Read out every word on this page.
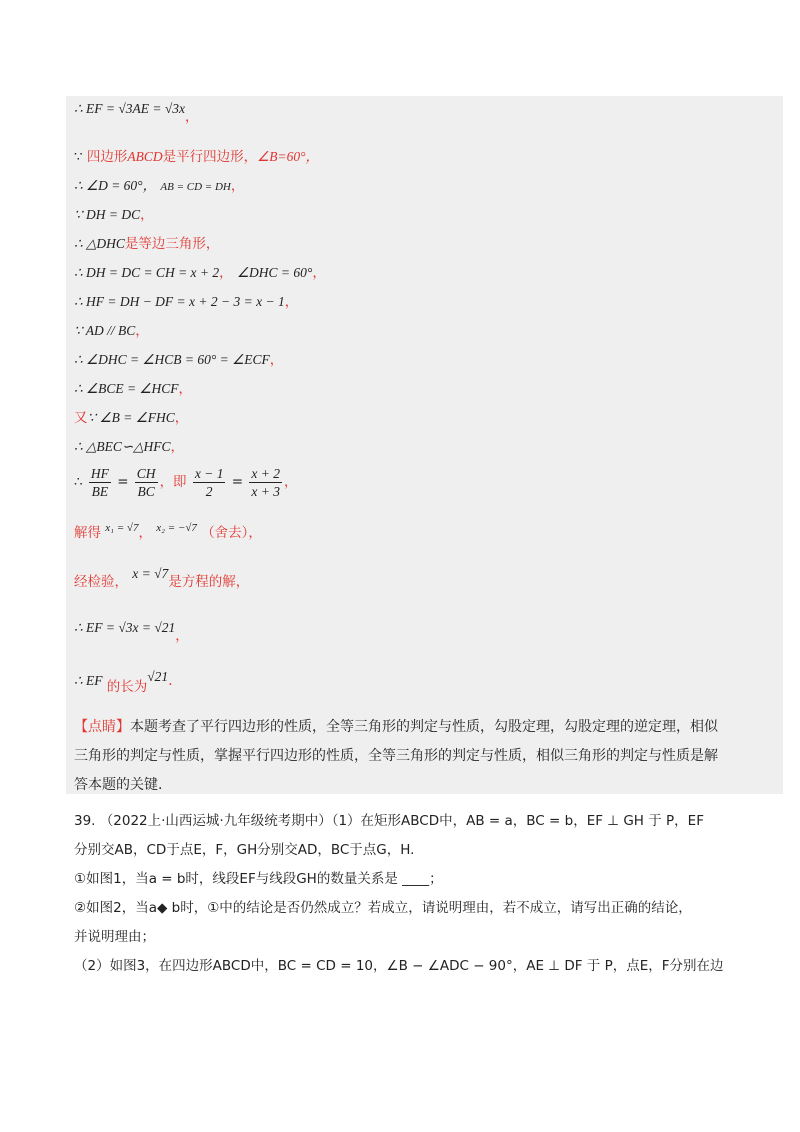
∴ EF = √3AE = √3x，
∵ 四边形ABCD是平行四边形，∠B=60°，
∴ ∠D = 60°， AB = CD = DH，
∵ DH = DC，
∴ △DHC是等边三角形，
∴ DH = DC = CH = x + 2， ∠DHC = 60°，
∴ HF = DH − DF = x + 2 − 3 = x − 1，
∵ AD // BC，
∴ ∠DHC = ∠HCB = 60° = ∠ECF，
∴ ∠BCE = ∠HCF，
又∵ ∠B = ∠FHC，
∴ △BEC∽△HFC，
∴ $\frac{HF}{BE} = \frac{CH}{BC}$ ，即 $\frac{x - 1}{2} = \frac{x + 2}{x + 3}$ ，
解得 $^{x_1 = √7}$， $^{x_2 = -√7}$ （舍去），
经检验， x = √7是方程的解，
∴ EF = √3x = √21，
∴ EF 的长为√21.
【点睛】本题考查了平行四边形的性质，全等三角形的判定与性质，勾股定理，勾股定理的逆定理，相似
三角形的判定与性质，掌握平行四边形的性质，全等三角形的判定与性质，相似三角形的判定与性质是解
答本题的关键.
39. （2022上·山西运城·九年级统考期中）（1）在矩形ABCD中，AB = a，BC = b，EF ⊥ GH 于 P，EF
分别交AB，CD于点E，F，GH分别交AD，BC于点G，H.
①如图1，当a = b时，线段EF与线段GH的数量关系是 ____；
②如图2，当a◆ b时，①中的结论是否仍然成立？若成立，请说明理由，若不成立，请写出正确的结论，
并说明理由；
（2）如图3，在四边形ABCD中，BC = CD = 10，∠B − ∠ADC − 90°，AE ⊥ DF 于 P，点E，F分别在边
